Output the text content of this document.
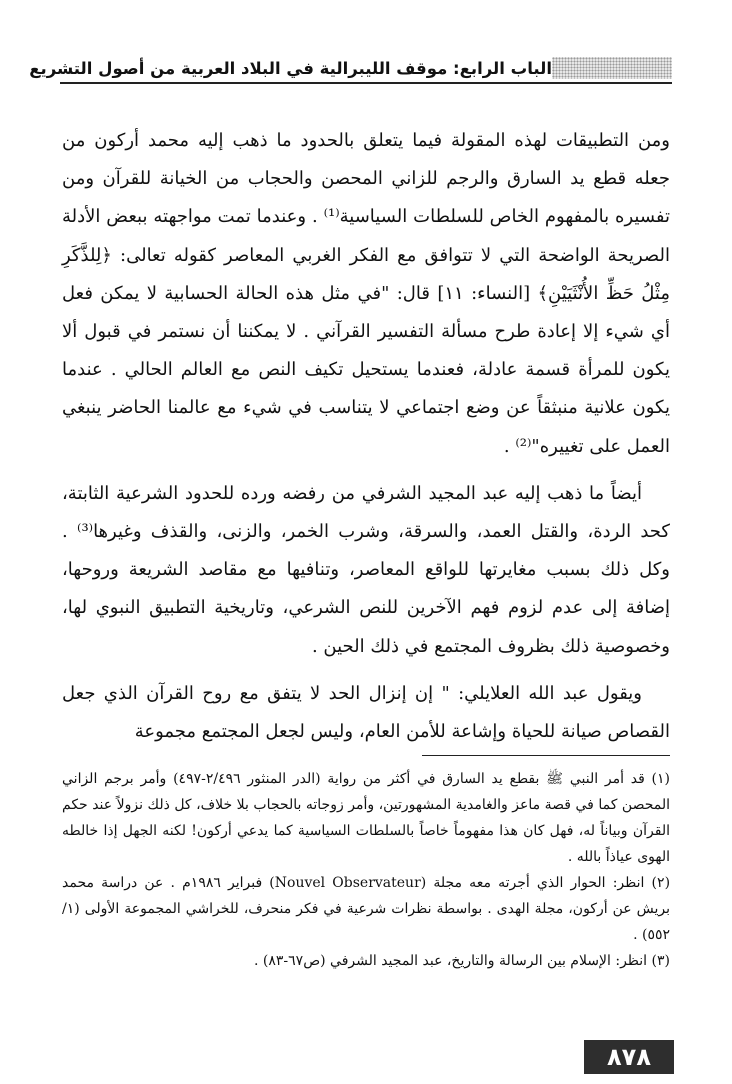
الباب الرابع: موقف الليبرالية في البلاد العربية من أصول التشريع

ومن التطبيقات لهذه المقولة فيما يتعلق بالحدود ما ذهب إليه محمد أركون من جعله قطع يد السارق والرجم للزاني المحصن والحجاب من الخيانة للقرآن ومن تفسيره بالمفهوم الخاص للسلطات السياسية⁽¹⁾ . وعندما تمت مواجهته ببعض الأدلة الصريحة الواضحة التي لا تتوافق مع الفكر الغربي المعاصر كقوله تعالى: ﴿لِلذَّكَرِ مِثْلُ حَظِّ الأُنْثَيَيْنِ﴾ [النساء: ١١] قال: "في مثل هذه الحالة الحسابية لا يمكن فعل أي شيء إلا إعادة طرح مسألة التفسير القرآني . لا يمكننا أن نستمر في قبول ألا يكون للمرأة قسمة عادلة، فعندما يستحيل تكيف النص مع العالم الحالي . عندما يكون علانية منبثقاً عن وضع اجتماعي لا يتناسب في شيء مع عالمنا الحاضر ينبغي العمل على تغييره"⁽²⁾ .

أيضاً ما ذهب إليه عبد المجيد الشرفي من رفضه ورده للحدود الشرعية الثابتة، كحد الردة، والقتل العمد، والسرقة، وشرب الخمر، والزنى، والقذف وغيرها⁽³⁾ . وكل ذلك بسبب مغايرتها للواقع المعاصر، وتنافيها مع مقاصد الشريعة وروحها، إضافة إلى عدم لزوم فهم الآخرين للنص الشرعي، وتاريخية التطبيق النبوي لها، وخصوصية ذلك بظروف المجتمع في ذلك الحين .

ويقول عبد الله العلايلي: " إن إنزال الحد لا يتفق مع روح القرآن الذي جعل القصاص صيانة للحياة وإشاعة للأمن العام، وليس لجعل المجتمع مجموعة

(١) قد أمر النبي ﷺ بقطع يد السارق في أكثر من رواية (الدر المنثور ٢/٤٩٦-٤٩٧) وأمر برجم الزاني المحصن كما في قصة ماعز والغامدية المشهورتين، وأمر زوجاته بالحجاب بلا خلاف، كل ذلك نزولاً عند حكم القرآن وبياناً له، فهل كان هذا مفهوماً خاصاً بالسلطات السياسية كما يدعي أركون! لكنه الجهل إذا خالطه الهوى عياذاً بالله .

(٢) انظر: الحوار الذي أجرته معه مجلة (Nouvel Observateur) فبراير ١٩٨٦م . عن دراسة محمد بريش عن أركون، مجلة الهدى . بواسطة نظرات شرعية في فكر منحرف، للخراشي المجموعة الأولى (١/ ٥٥٢) .

(٣) انظر: الإسلام بين الرسالة والتاريخ، عبد المجيد الشرفي (ص٦٧-٨٣) .

٨٧٨
